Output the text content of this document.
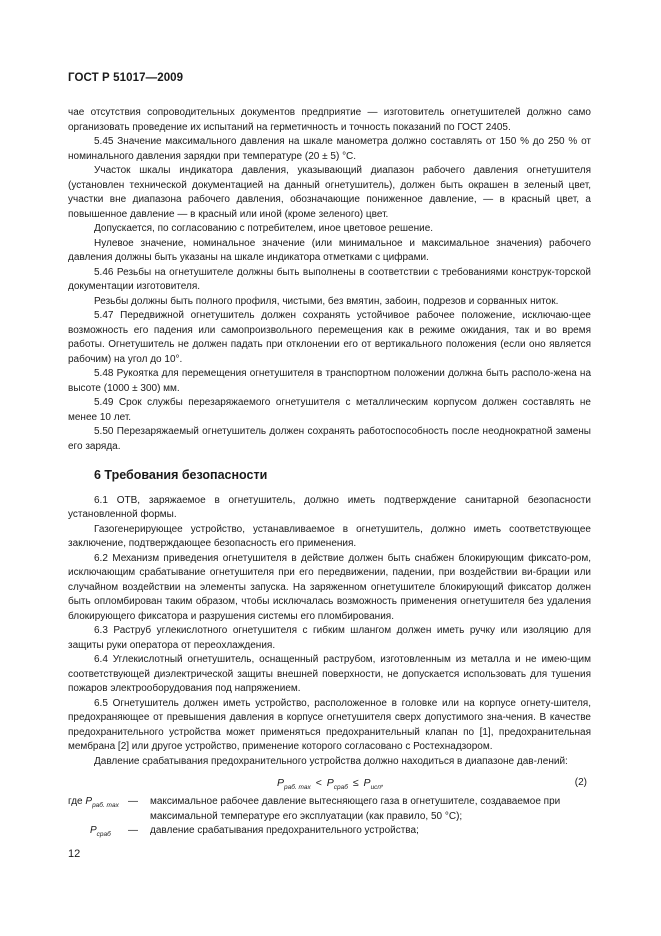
ГОСТ Р 51017—2009

чае отсутствия сопроводительных документов предприятие — изготовитель огнетушителей должно само организовать проведение их испытаний на герметичность и точность показаний по ГОСТ 2405.

5.45 Значение максимального давления на шкале манометра должно составлять от 150 % до 250 % от номинального давления зарядки при температуре (20 ± 5) °С.

Участок шкалы индикатора давления, указывающий диапазон рабочего давления огнетушителя (установлен технической документацией на данный огнетушитель), должен быть окрашен в зеленый цвет, участки вне диапазона рабочего давления, обозначающие пониженное давление, — в красный цвет, а повышенное давление — в красный или иной (кроме зеленого) цвет.

Допускается, по согласованию с потребителем, иное цветовое решение.

Нулевое значение, номинальное значение (или минимальное и максимальное значения) рабочего давления должны быть указаны на шкале индикатора отметками с цифрами.

5.46 Резьбы на огнетушителе должны быть выполнены в соответствии с требованиями конструк-торской документации изготовителя.

Резьбы должны быть полного профиля, чистыми, без вмятин, забоин, подрезов и сорванных ниток.

5.47 Передвижной огнетушитель должен сохранять устойчивое рабочее положение, исключаю-щее возможность его падения или самопроизвольного перемещения как в режиме ожидания, так и во время работы. Огнетушитель не должен падать при отклонении его от вертикального положения (если оно является рабочим) на угол до 10°.

5.48 Рукоятка для перемещения огнетушителя в транспортном положении должна быть располо-жена на высоте (1000 ± 300) мм.

5.49 Срок службы перезаряжаемого огнетушителя с металлическим корпусом должен составлять не менее 10 лет.

5.50 Перезаряжаемый огнетушитель должен сохранять работоспособность после неоднократной замены его заряда.

6 Требования безопасности

6.1 ОТВ, заряжаемое в огнетушитель, должно иметь подтверждение санитарной безопасности установленной формы.

Газогенерирующее устройство, устанавливаемое в огнетушитель, должно иметь соответствующее заключение, подтверждающее безопасность его применения.

6.2 Механизм приведения огнетушителя в действие должен быть снабжен блокирующим фиксато-ром, исключающим срабатывание огнетушителя при его передвижении, падении, при воздействии ви-брации или случайном воздействии на элементы запуска. На заряженном огнетушителе блокирующий фиксатор должен быть опломбирован таким образом, чтобы исключалась возможность применения огнетушителя без удаления блокирующего фиксатора и разрушения системы его пломбирования.

6.3 Раструб углекислотного огнетушителя с гибким шлангом должен иметь ручку или изоляцию для защиты руки оператора от переохлаждения.

6.4 Углекислотный огнетушитель, оснащенный раструбом, изготовленным из металла и не имею-щим соответствующей диэлектрической защиты внешней поверхности, не допускается использовать для тушения пожаров электрооборудования под напряжением.

6.5 Огнетушитель должен иметь устройство, расположенное в головке или на корпусе огнету-шителя, предохраняющее от превышения давления в корпусе огнетушителя сверх допустимого зна-чения. В качестве предохранительного устройства может применяться предохранительный клапан по [1], предохранительная мембрана [2] или другое устройство, применение которого согласовано с Ростехнадзором.

Давление срабатывания предохранительного устройства должно находиться в диапазоне дав-лений:

$P_{раб. max} < P_{сраб} \le P_{исп}$,	(2)
где $P_{раб. max}$ —	максимальное рабочее давление вытесняющего газа в огнетушителе, создаваемое при максимальной температуре его эксплуатации (как правило, 50 °С);
$P_{сраб}$	—	давление срабатывания предохранительного устройства;
12
